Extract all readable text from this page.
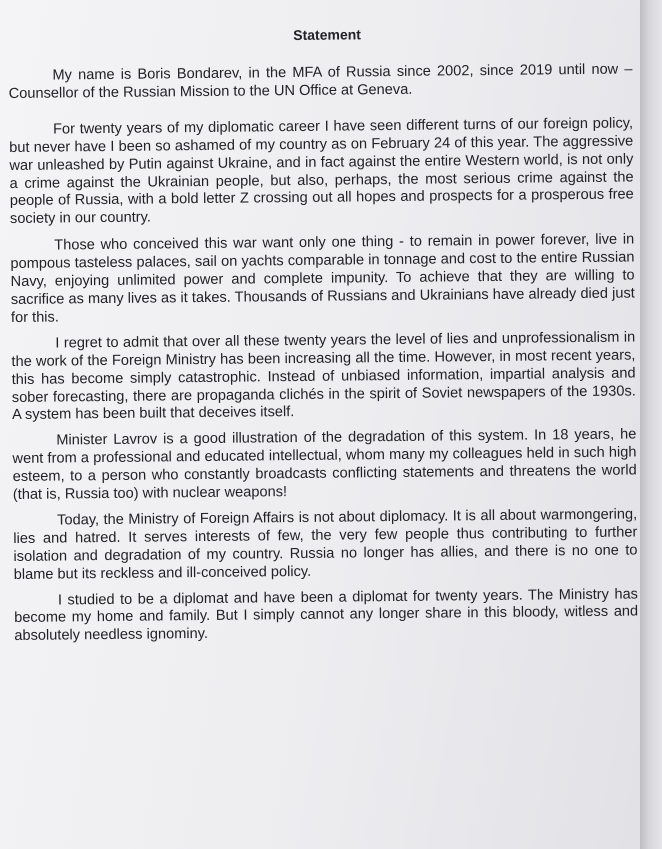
Statement

My name is Boris Bondarev, in the MFA of Russia since 2002, since 2019 until now – Counsellor of the Russian Mission to the UN Office at Geneva.

For twenty years of my diplomatic career I have seen different turns of our foreign policy, but never have I been so ashamed of my country as on February 24 of this year. The aggressive war unleashed by Putin against Ukraine, and in fact against the entire Western world, is not only a crime against the Ukrainian people, but also, perhaps, the most serious crime against the people of Russia, with a bold letter Z crossing out all hopes and prospects for a prosperous free society in our country.

Those who conceived this war want only one thing - to remain in power forever, live in pompous tasteless palaces, sail on yachts comparable in tonnage and cost to the entire Russian Navy, enjoying unlimited power and complete impunity. To achieve that they are willing to sacrifice as many lives as it takes. Thousands of Russians and Ukrainians have already died just for this.

I regret to admit that over all these twenty years the level of lies and unprofessionalism in the work of the Foreign Ministry has been increasing all the time. However, in most recent years, this has become simply catastrophic. Instead of unbiased information, impartial analysis and sober forecasting, there are propaganda clichés in the spirit of Soviet newspapers of the 1930s. A system has been built that deceives itself.

Minister Lavrov is a good illustration of the degradation of this system. In 18 years, he went from a professional and educated intellectual, whom many my colleagues held in such high esteem, to a person who constantly broadcasts conflicting statements and threatens the world (that is, Russia too) with nuclear weapons!

Today, the Ministry of Foreign Affairs is not about diplomacy. It is all about warmongering, lies and hatred. It serves interests of few, the very few people thus contributing to further isolation and degradation of my country. Russia no longer has allies, and there is no one to blame but its reckless and ill-conceived policy.

I studied to be a diplomat and have been a diplomat for twenty years. The Ministry has become my home and family. But I simply cannot any longer share in this bloody, witless and absolutely needless ignominy.
